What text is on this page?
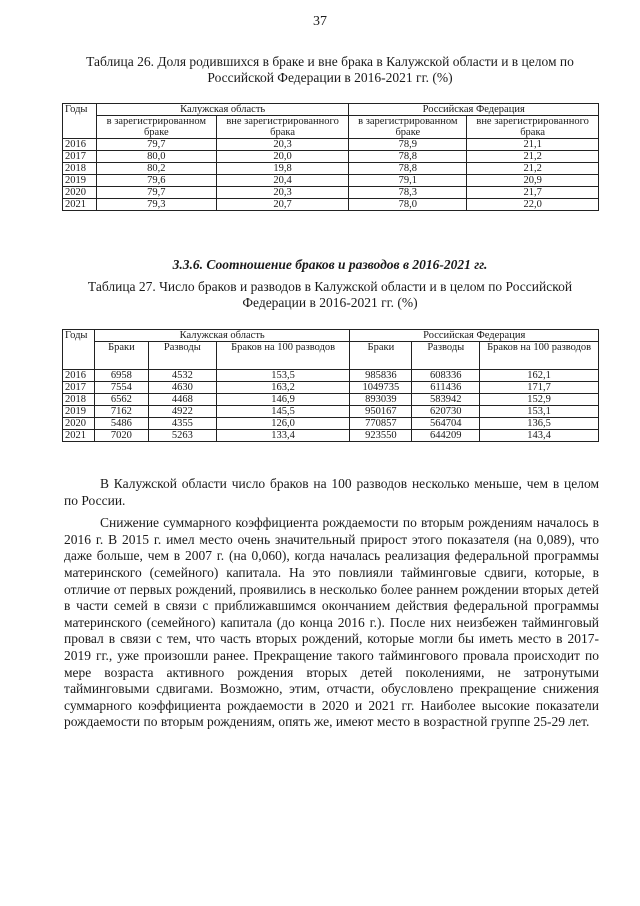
37
Таблица 26. Доля родившихся в браке и вне брака в Калужской области и в целом по Российской Федерации в 2016-2021 гг. (%)
Годы	Калужская область		Российская Федерация	
	в зарегистрированном браке	вне зарегистрированного брака	в зарегистрированном браке	вне зарегистрированного брака
2016	79,7	20,3	78,9	21,1
2017	80,0	20,0	78,8	21,2
2018	80,2	19,8	78,8	21,2
2019	79,6	20,4	79,1	20,9
2020	79,7	20,3	78,3	21,7
2021	79,3	20,7	78,0	22,0
3.3.6. Соотношение браков и разводов в 2016-2021 гг.
Таблица 27. Число браков и разводов в Калужской области и в целом по Российской Федерации в 2016-2021 гг. (%)
Годы	Калужская область			Российская Федерация		
	Браки	Разводы	Браков на 100 разводов	Браки	Разводы	Браков на 100 разводов
2016	6958	4532	153,5	985836	608336	162,1
2017	7554	4630	163,2	1049735	611436	171,7
2018	6562	4468	146,9	893039	583942	152,9
2019	7162	4922	145,5	950167	620730	153,1
2020	5486	4355	126,0	770857	564704	136,5
2021	7020	5263	133,4	923550	644209	143,4

В Калужской области число браков на 100 разводов несколько меньше, чем в целом по России.

Снижение суммарного коэффициента рождаемости по вторым рождениям началось в 2016 г. В 2015 г. имел место очень значительный прирост этого показателя (на 0,089), что даже больше, чем в 2007 г. (на 0,060), когда началась реализация федеральной программы материнского (семейного) капитала. На это повлияли тайминговые сдвиги, которые, в отличие от первых рождений, проявились в несколько более раннем рождении вторых детей в части семей в связи с приближавшимся окончанием действия федеральной программы материнского (семейного) капитала (до конца 2016 г.). После них неизбежен тайминговый провал в связи с тем, что часть вторых рождений, которые могли бы иметь место в 2017-2019 гг., уже произошли ранее. Прекращение такого таймингового провала происходит по мере возраста активного рождения вторых детей поколениями, не затронутыми тайминговыми сдвигами. Возможно, этим, отчасти, обусловлено прекращение снижения суммарного коэффициента рождаемости в 2020 и 2021 гг. Наиболее высокие показатели рождаемости по вторым рождениям, опять же, имеют место в возрастной группе 25-29 лет.
